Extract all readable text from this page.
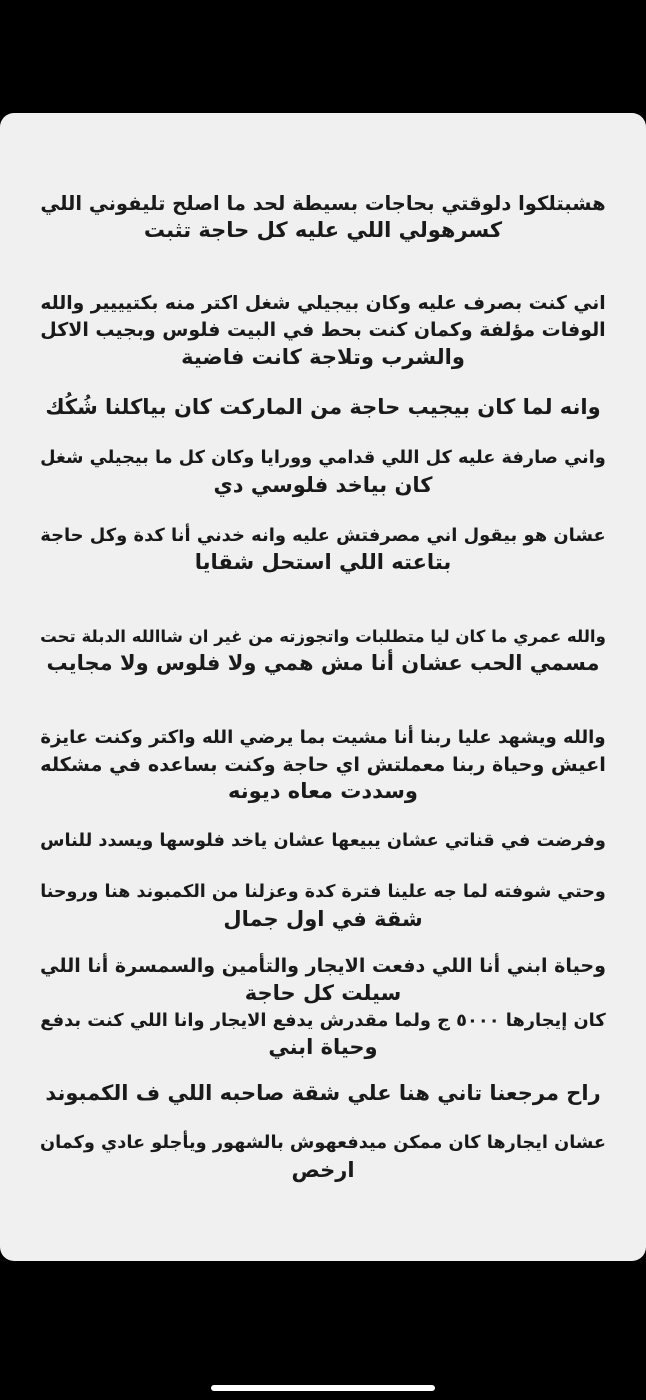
هشبتلكوا دلوقتي بحاجات بسيطة لحد ما اصلح تليفوني اللي
كسرهولي اللي عليه كل حاجة تثبت
اني كنت بصرف عليه وكان بيجيلي شغل اكتر منه بكتيييير والله
الوفات مؤلفة وكمان كنت بحط في البيت فلوس وبجيب الاكل
والشرب وتلاجة كانت فاضية
وانه لما كان بيجيب حاجة من الماركت كان بياكلنا شُكُك
واني صارفة عليه كل اللي قدامي وورايا وكان كل ما بيجيلي شغل
كان بياخد فلوسي دي
عشان هو بيقول اني مصرفتش عليه وانه خدني أنا كدة وكل حاجة
بتاعته اللي استحل شقايا
والله عمري ما كان ليا متطلبات واتجوزته من غير ان شاالله الدبلة تحت
مسمي الحب عشان أنا مش همي ولا فلوس ولا مجايب
والله ويشهد عليا ربنا أنا مشيت بما يرضي الله واكتر وكنت عايزة
اعيش وحياة ربنا معملتش اي حاجة وكنت بساعده في مشكله
وسددت معاه ديونه
وفرضت في قناتي عشان يبيعها عشان ياخد فلوسها ويسدد للناس
وحتي شوفته لما جه علينا فترة كدة وعزلنا من الكمبوند هنا وروحنا
شقة في اول جمال
وحياة ابني أنا اللي دفعت الايجار والتأمين والسمسرة أنا اللي
سيلت كل حاجة
كان إيجارها ٥٠٠٠ ج ولما مقدرش يدفع الايجار وانا اللي كنت بدفع
وحياة ابني
راح مرجعنا تاني هنا علي شقة صاحبه اللي ف الكمبوند
عشان ايجارها كان ممكن ميدفعهوش بالشهور ويأجلو عادي وكمان
ارخص
